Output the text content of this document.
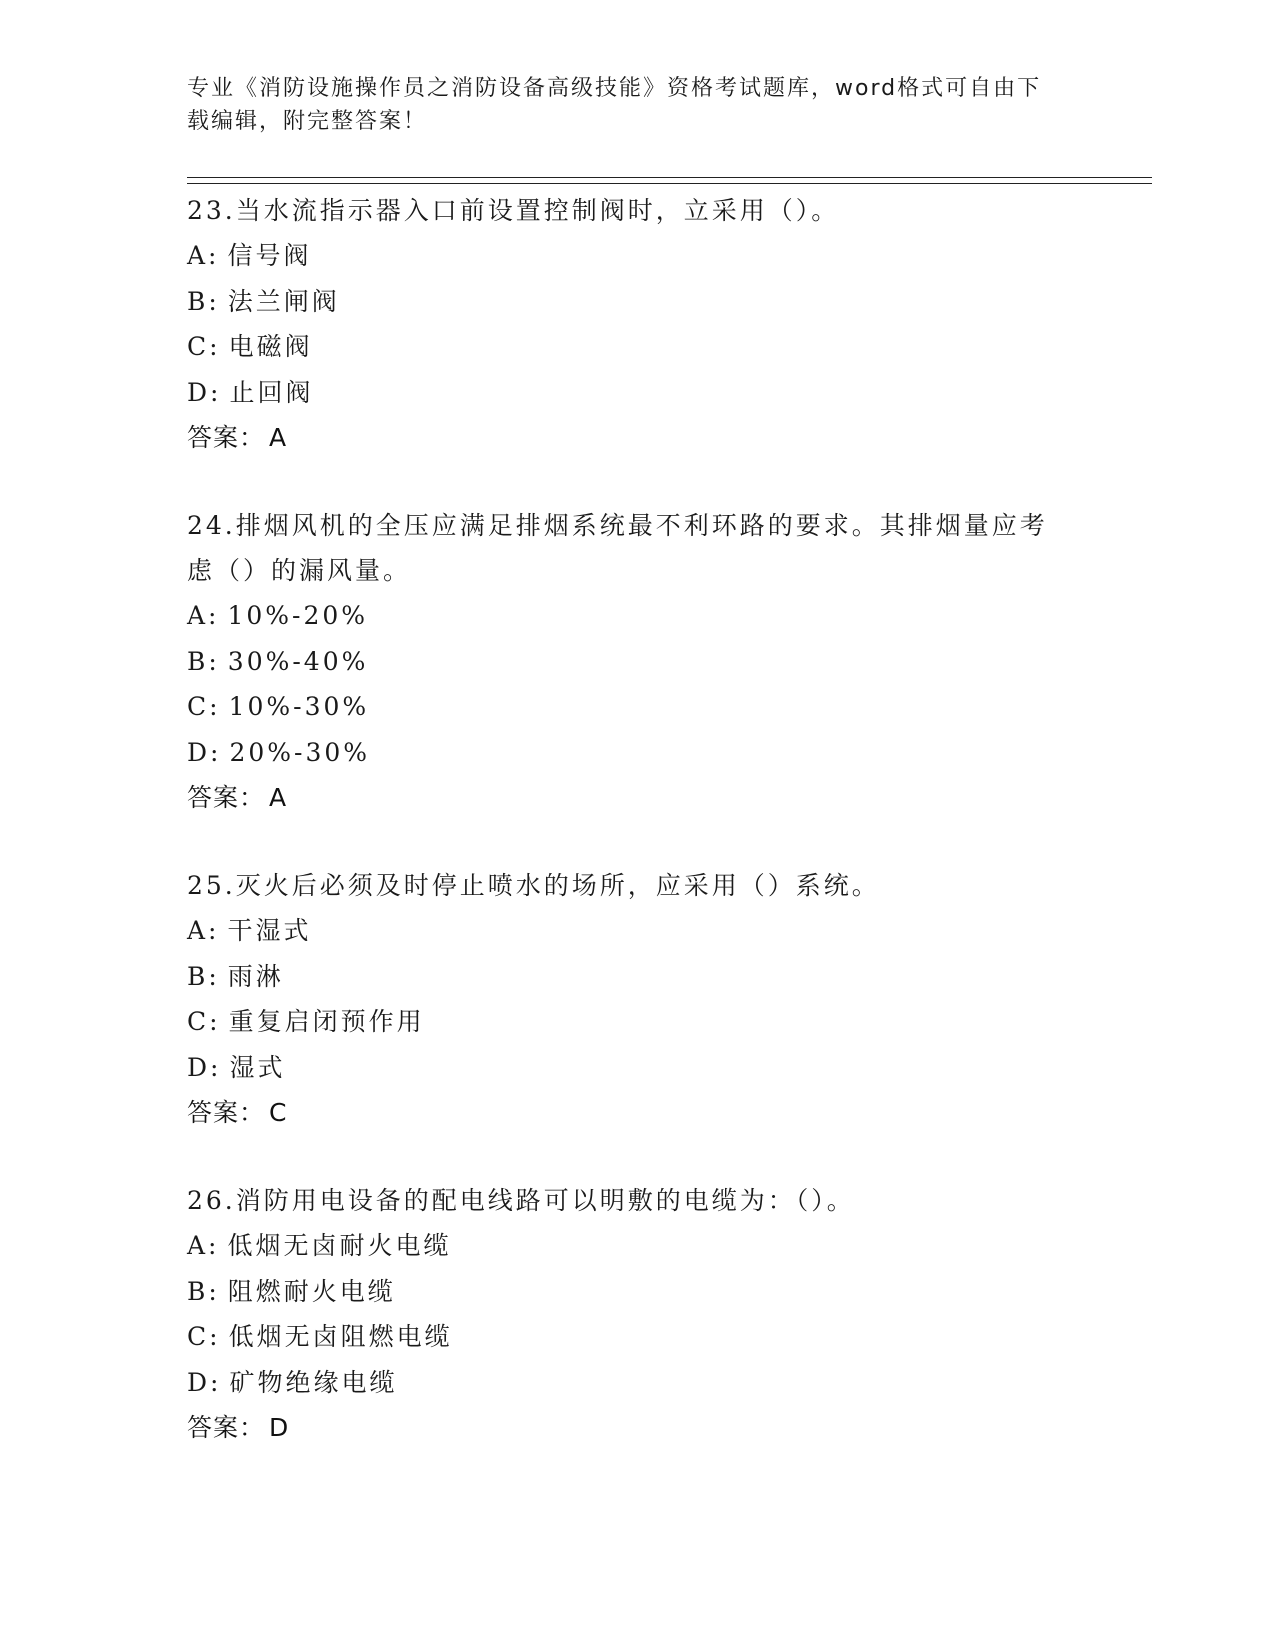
专业《消防设施操作员之消防设备高级技能》资格考试题库，word格式可自由下
载编辑，附完整答案！

23.当水流指示器入口前设置控制阀时，立采用（）。

A: 信号阀

B: 法兰闸阀

C: 电磁阀

D: 止回阀

答案： A

24.排烟风机的全压应满足排烟系统最不利环路的要求。其排烟量应考

虑（）的漏风量。

A: 10%-20%

B: 30%-40%

C: 10%-30%

D: 20%-30%

答案： A

25.灭火后必须及时停止喷水的场所，应采用（）系统。

A: 干湿式

B: 雨淋

C: 重复启闭预作用

D: 湿式

答案： C

26.消防用电设备的配电线路可以明敷的电缆为：（）。

A: 低烟无卤耐火电缆

B: 阻燃耐火电缆

C: 低烟无卤阻燃电缆

D: 矿物绝缘电缆

答案： D
